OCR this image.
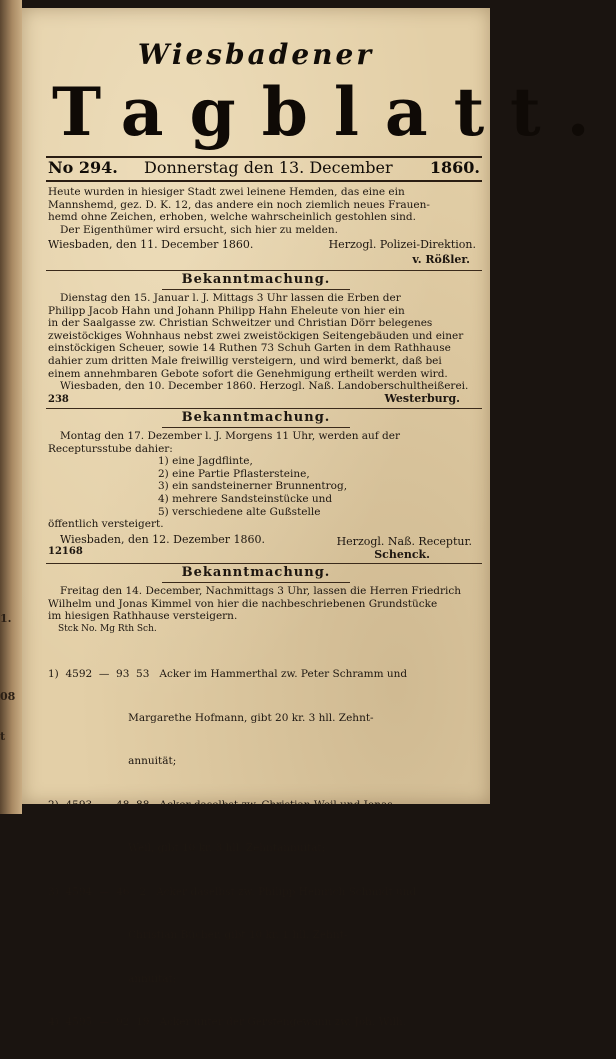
1.
08
t
Wiesbadener
Tagblatt.
No 294. Donnerstag den 13. December 1860.
Heute wurden in hiesiger Stadt zwei leinene Hemden, das eine ein
Mannshemd, gez. D. K. 12, das andere ein noch ziemlich neues Frauen-
hemd ohne Zeichen, erhoben, welche wahrscheinlich gestohlen sind.
Der Eigenthümer wird ersucht, sich hier zu melden.
Wiesbaden, den 11. December 1860.	Herzogl. Polizei-Direktion.
v. Rößler.
Bekanntmachung.
Dienstag den 15. Januar l. J. Mittags 3 Uhr lassen die Erben der
Philipp Jacob Hahn und Johann Philipp Hahn Eheleute von hier ein
in der Saalgasse zw. Christian Schweitzer und Christian Dörr belegenes
zweistöckiges Wohnhaus nebst zwei zweistöckigen Seitengebäuden und einer
einstöckigen Scheuer, sowie 14 Ruthen 73 Schuh Garten in dem Rathhause
dahier zum dritten Male freiwillig versteigern, und wird bemerkt, daß bei
einem annehmbaren Gebote sofort die Genehmigung ertheilt werden wird.
Wiesbaden, den 10. December 1860. Herzogl. Naß. Landoberschultheißerei.
238	Westerburg.
Bekanntmachung.
Montag den 17. Dezember l. J. Morgens 11 Uhr, werden auf der
Receptursstube dahier:
1) eine Jagdflinte,
2) eine Partie Pflastersteine,
3) ein sandsteinerner Brunnentrog,
4) mehrere Sandsteinstücke und
5) verschiedene alte Gußstelle
öffentlich versteigert.
Wiesbaden, den 12. Dezember 1860.	Herzogl. Naß. Receptur.
12168	Schenck.
Bekanntmachung.
Freitag den 14. December, Nachmittags 3 Uhr, lassen die Herren Friedrich
Wilhelm und Jonas Kimmel von hier die nachbeschriebenen Grundstücke
im hiesigen Rathhause versteigern.
Stck No. Mg Rth Sch.

1)  4592  —  93  53   Acker im Hammerthal zw. Peter Schramm und

Margarethe Hofmann, gibt 20 kr. 3 hll. Zehnt-

annuität;

2)  4593  —  48  88   Acker daselbst zw. Christian Weil und Jonas

Weil, gibt 10 kr. 3 hll. Zehntannuität;

3)  4594  —  46   2   Acker daselbst zw. Philipp Heinrich Schmidt und

Christian Bücher, gibt 10 kr. 1 hll. Zehnt-

annuität;

4)  4595  —  92  19   Acker unter der Gerstengewann zw. Joh. Wilh.
